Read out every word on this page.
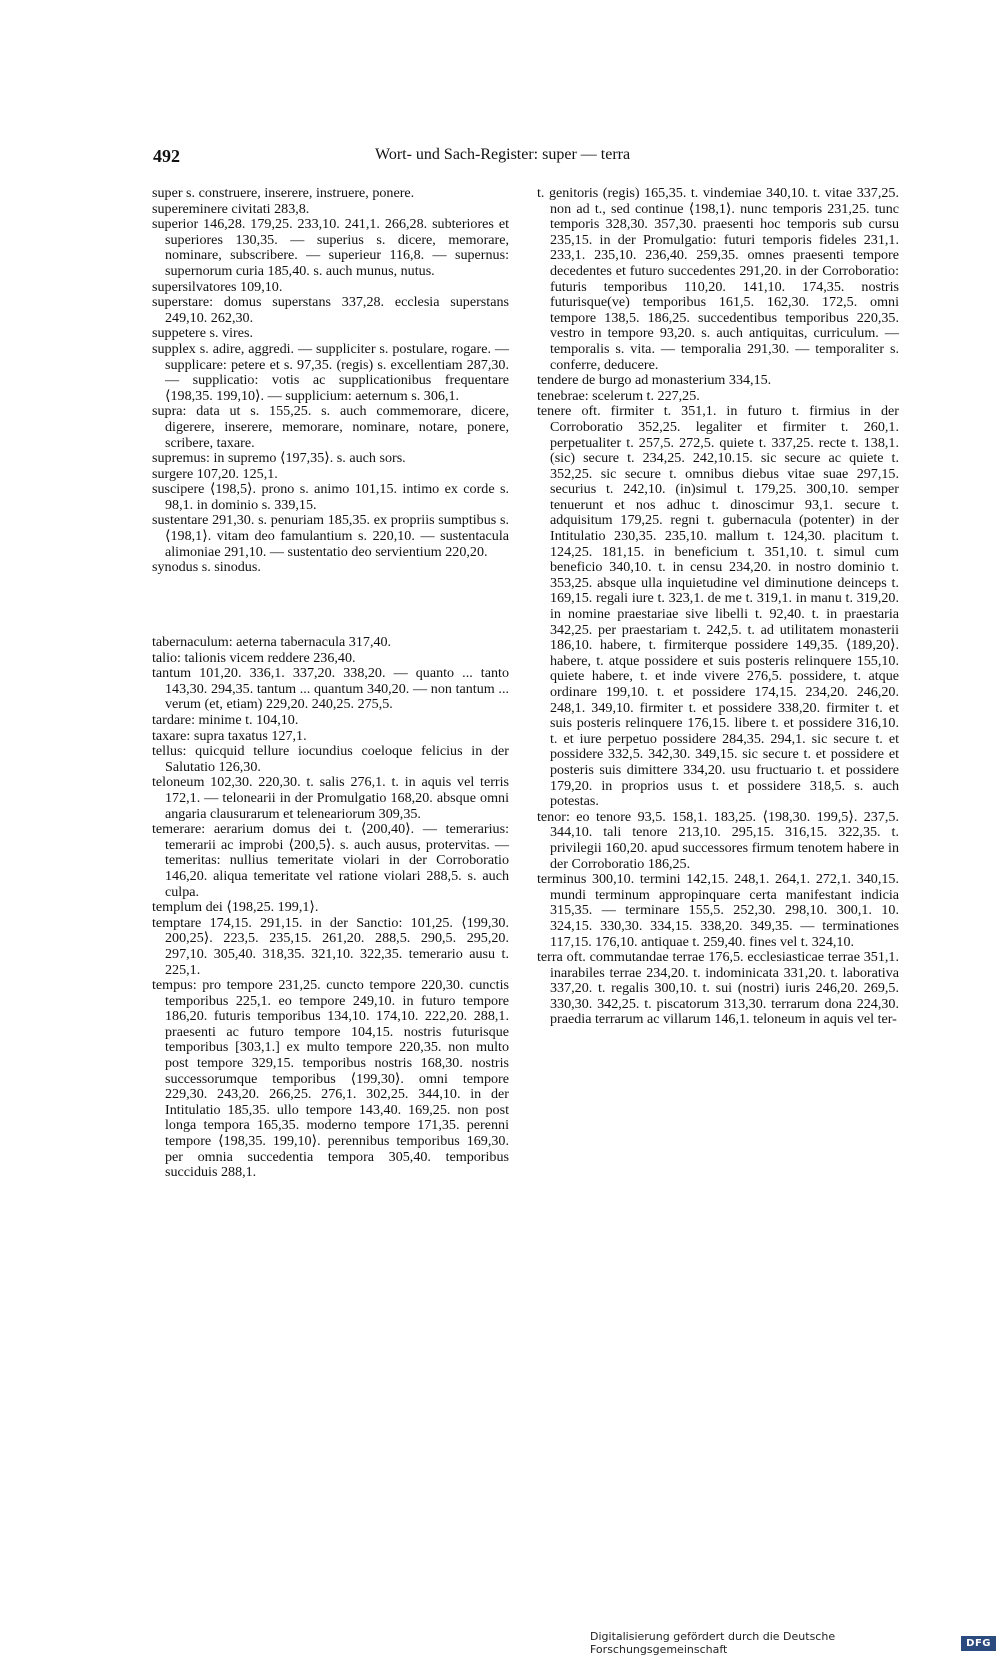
492	Wort- und Sach-Register: super — terra

super s. construere, inserere, instruere, ponere.

supereminere civitati 283,8.

superior 146,28. 179,25. 233,10. 241,1. 266,28. subteriores et superiores 130,35. — superius s. dicere, memorare, nominare, subscribere. — superieur 116,8. — supernus: supernorum curia 185,40. s. auch munus, nutus.

supersilvatores 109,10.

superstare: domus superstans 337,28. ecclesia superstans 249,10. 262,30.

suppetere s. vires.

supplex s. adire, aggredi. — suppliciter s. postulare, rogare. — supplicare: petere et s. 97,35. (regis) s. excellentiam 287,30. — supplicatio: votis ac supplicationibus frequentare ⟨198,35. 199,10⟩. — supplicium: aeternum s. 306,1.

supra: data ut s. 155,25. s. auch commemorare, dicere, digerere, inserere, memorare, nominare, notare, ponere, scribere, taxare.

supremus: in supremo ⟨197,35⟩. s. auch sors.

surgere 107,20. 125,1.

suscipere ⟨198,5⟩. prono s. animo 101,15. intimo ex corde s. 98,1. in dominio s. 339,15.

sustentare 291,30. s. penuriam 185,35. ex propriis sumptibus s. ⟨198,1⟩. vitam deo famulantium s. 220,10. — sustentacula alimoniae 291,10. — sustentatio deo servientium 220,20.

synodus s. sinodus.

tabernaculum: aeterna tabernacula 317,40.

talio: talionis vicem reddere 236,40.

tantum 101,20. 336,1. 337,20. 338,20. — quanto ... tanto 143,30. 294,35. tantum ... quantum 340,20. — non tantum ... verum (et, etiam) 229,20. 240,25. 275,5.

tardare: minime t. 104,10.

taxare: supra taxatus 127,1.

tellus: quicquid tellure iocundius coeloque felicius in der Salutatio 126,30.

teloneum 102,30. 220,30. t. salis 276,1. t. in aquis vel terris 172,1. — telonearii in der Promulgatio 168,20. absque omni angaria clausurarum et teleneariorum 309,35.

temerare: aerarium domus dei t. ⟨200,40⟩. — temerarius: temerarii ac improbi ⟨200,5⟩. s. auch ausus, protervitas. — temeritas: nullius temeritate violari in der Corroboratio 146,20. aliqua temeritate vel ratione violari 288,5. s. auch culpa.

templum dei ⟨198,25. 199,1⟩.

temptare 174,15. 291,15. in der Sanctio: 101,25. ⟨199,30. 200,25⟩. 223,5. 235,15. 261,20. 288,5. 290,5. 295,20. 297,10. 305,40. 318,35. 321,10. 322,35. temerario ausu t. 225,1.

tempus: pro tempore 231,25. cuncto tempore 220,30. cunctis temporibus 225,1. eo tempore 249,10. in futuro tempore 186,20. futuris temporibus 134,10. 174,10. 222,20. 288,1. praesenti ac futuro tempore 104,15. nostris futurisque temporibus [303,1.] ex multo tempore 220,35. non multo post tempore 329,15. temporibus nostris 168,30. nostris successorumque temporibus ⟨199,30⟩. omni tempore 229,30. 243,20. 266,25. 276,1. 302,25. 344,10. in der Intitulatio 185,35. ullo tempore 143,40. 169,25. non post longa tempora 165,35. moderno tempore 171,35. perenni tempore ⟨198,35. 199,10⟩. perennibus temporibus 169,30. per omnia succedentia tempora 305,40. temporibus succiduis 288,1.

t. genitoris (regis) 165,35. t. vindemiae 340,10. t. vitae 337,25. non ad t., sed continue ⟨198,1⟩. nunc temporis 231,25. tunc temporis 328,30. 357,30. praesenti hoc temporis sub cursu 235,15. in der Promulgatio: futuri temporis fideles 231,1. 233,1. 235,10. 236,40. 259,35. omnes praesenti tempore decedentes et futuro succedentes 291,20. in der Corroboratio: futuris temporibus 110,20. 141,10. 174,35. nostris futurisque(ve) temporibus 161,5. 162,30. 172,5. omni tempore 138,5. 186,25. succedentibus temporibus 220,35. vestro in tempore 93,20. s. auch antiquitas, curriculum. — temporalis s. vita. — temporalia 291,30. — temporaliter s. conferre, deducere.

tendere de burgo ad monasterium 334,15.

tenebrae: scelerum t. 227,25.

tenere oft. firmiter t. 351,1. in futuro t. firmius in der Corroboratio 352,25. legaliter et firmiter t. 260,1. perpetualiter t. 257,5. 272,5. quiete t. 337,25. recte t. 138,1. (sic) secure t. 234,25. 242,10.15. sic secure ac quiete t. 352,25. sic secure t. omnibus diebus vitae suae 297,15. securius t. 242,10. (in)simul t. 179,25. 300,10. semper tenuerunt et nos adhuc t. dinoscimur 93,1. secure t. adquisitum 179,25. regni t. gubernacula (potenter) in der Intitulatio 230,35. 235,10. mallum t. 124,30. placitum t. 124,25. 181,15. in beneficium t. 351,10. t. simul cum beneficio 340,10. t. in censu 234,20. in nostro dominio t. 353,25. absque ulla inquietudine vel diminutione deinceps t. 169,15. regali iure t. 323,1. de me t. 319,1. in manu t. 319,20. in nomine praestariae sive libelli t. 92,40. t. in praestaria 342,25. per praestariam t. 242,5. t. ad utilitatem monasterii 186,10. habere, t. firmiterque possidere 149,35. ⟨189,20⟩. habere, t. atque possidere et suis posteris relinquere 155,10. quiete habere, t. et inde vivere 276,5. possidere, t. atque ordinare 199,10. t. et possidere 174,15. 234,20. 246,20. 248,1. 349,10. firmiter t. et possidere 338,20. firmiter t. et suis posteris relinquere 176,15. libere t. et possidere 316,10. t. et iure perpetuo possidere 284,35. 294,1. sic secure t. et possidere 332,5. 342,30. 349,15. sic secure t. et possidere et posteris suis dimittere 334,20. usu fructuario t. et possidere 179,20. in proprios usus t. et possidere 318,5. s. auch potestas.

tenor: eo tenore 93,5. 158,1. 183,25. ⟨198,30. 199,5⟩. 237,5. 344,10. tali tenore 213,10. 295,15. 316,15. 322,35. t. privilegii 160,20. apud successores firmum tenotem habere in der Corroboratio 186,25.

terminus 300,10. termini 142,15. 248,1. 264,1. 272,1. 340,15. mundi terminum appropinquare certa manifestant indicia 315,35. — terminare 155,5. 252,30. 298,10. 300,1. 10. 324,15. 330,30. 334,15. 338,20. 349,35. — terminationes 117,15. 176,10. antiquae t. 259,40. fines vel t. 324,10.

terra oft. commutandae terrae 176,5. ecclesiasticae terrae 351,1. inarabiles terrae 234,20. t. indominicata 331,20. t. laborativa 337,20. t. regalis 300,10. t. sui (nostri) iuris 246,20. 269,5. 330,30. 342,25. t. piscatorum 313,30. terrarum dona 224,30. praedia terrarum ac villarum 146,1. teloneum in aquis vel ter-

Digitalisierung gefördert durch die Deutsche Forschungsgemeinschaft	DFG
